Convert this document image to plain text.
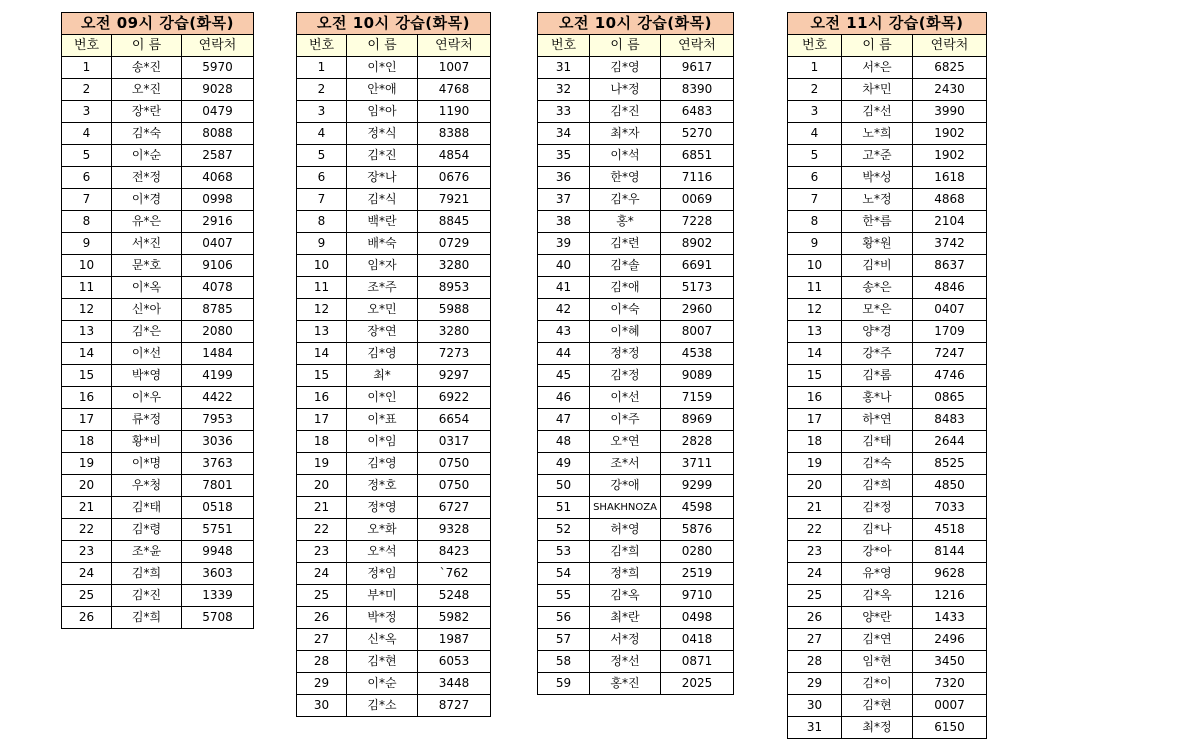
오전 09시 강습(화목)		
번호	이 름	연락처
1	송*진	5970
2	오*진	9028
3	장*란	0479
4	김*숙	8088
5	이*순	2587
6	전*정	4068
7	이*경	0998
8	유*은	2916
9	서*진	0407
10	문*호	9106
11	이*옥	4078
12	신*아	8785
13	김*은	2080
14	이*선	1484
15	박*영	4199
16	이*우	4422
17	류*정	7953
18	황*비	3036
19	이*명	3763
20	우*청	7801
21	김*태	0518
22	김*령	5751
23	조*윤	9948
24	김*희	3603
25	김*진	1339
26	김*희	5708
오전 10시 강습(화목)		
번호	이 름	연락처
1	이*인	1007
2	안*애	4768
3	임*아	1190
4	정*식	8388
5	김*진	4854
6	장*나	0676
7	김*식	7921
8	백*란	8845
9	배*숙	0729
10	임*자	3280
11	조*주	8953
12	오*민	5988
13	장*연	3280
14	김*영	7273
15	최*	9297
16	이*인	6922
17	이*표	6654
18	이*임	0317
19	김*영	0750
20	정*호	0750
21	정*영	6727
22	오*화	9328
23	오*석	8423
24	정*임	`762
25	부*미	5248
26	박*정	5982
27	신*옥	1987
28	김*현	6053
29	이*순	3448
30	김*소	8727
오전 10시 강습(화목)		
번호	이 름	연락처
31	김*영	9617
32	나*정	8390
33	김*진	6483
34	최*자	5270
35	이*석	6851
36	한*영	7116
37	김*우	0069
38	홍*	7228
39	김*련	8902
40	김*솔	6691
41	김*애	5173
42	이*숙	2960
43	이*혜	8007
44	정*정	4538
45	김*정	9089
46	이*선	7159
47	이*주	8969
48	오*연	2828
49	조*서	3711
50	강*애	9299
51	SHAKHNOZA	4598
52	허*영	5876
53	김*희	0280
54	정*희	2519
55	김*옥	9710
56	최*란	0498
57	서*정	0418
58	정*선	0871
59	홍*진	2025
오전 11시 강습(화목)		
번호	이 름	연락처
1	서*은	6825
2	차*민	2430
3	김*선	3990
4	노*희	1902
5	고*준	1902
6	박*성	1618
7	노*정	4868
8	한*름	2104
9	황*원	3742
10	김*비	8637
11	송*은	4846
12	모*은	0407
13	양*경	1709
14	강*주	7247
15	김*롬	4746
16	홍*나	0865
17	하*연	8483
18	김*태	2644
19	김*숙	8525
20	김*희	4850
21	김*정	7033
22	김*나	4518
23	강*아	8144
24	유*영	9628
25	김*옥	1216
26	양*란	1433
27	김*연	2496
28	임*현	3450
29	김*이	7320
30	김*현	0007
31	최*정	6150
